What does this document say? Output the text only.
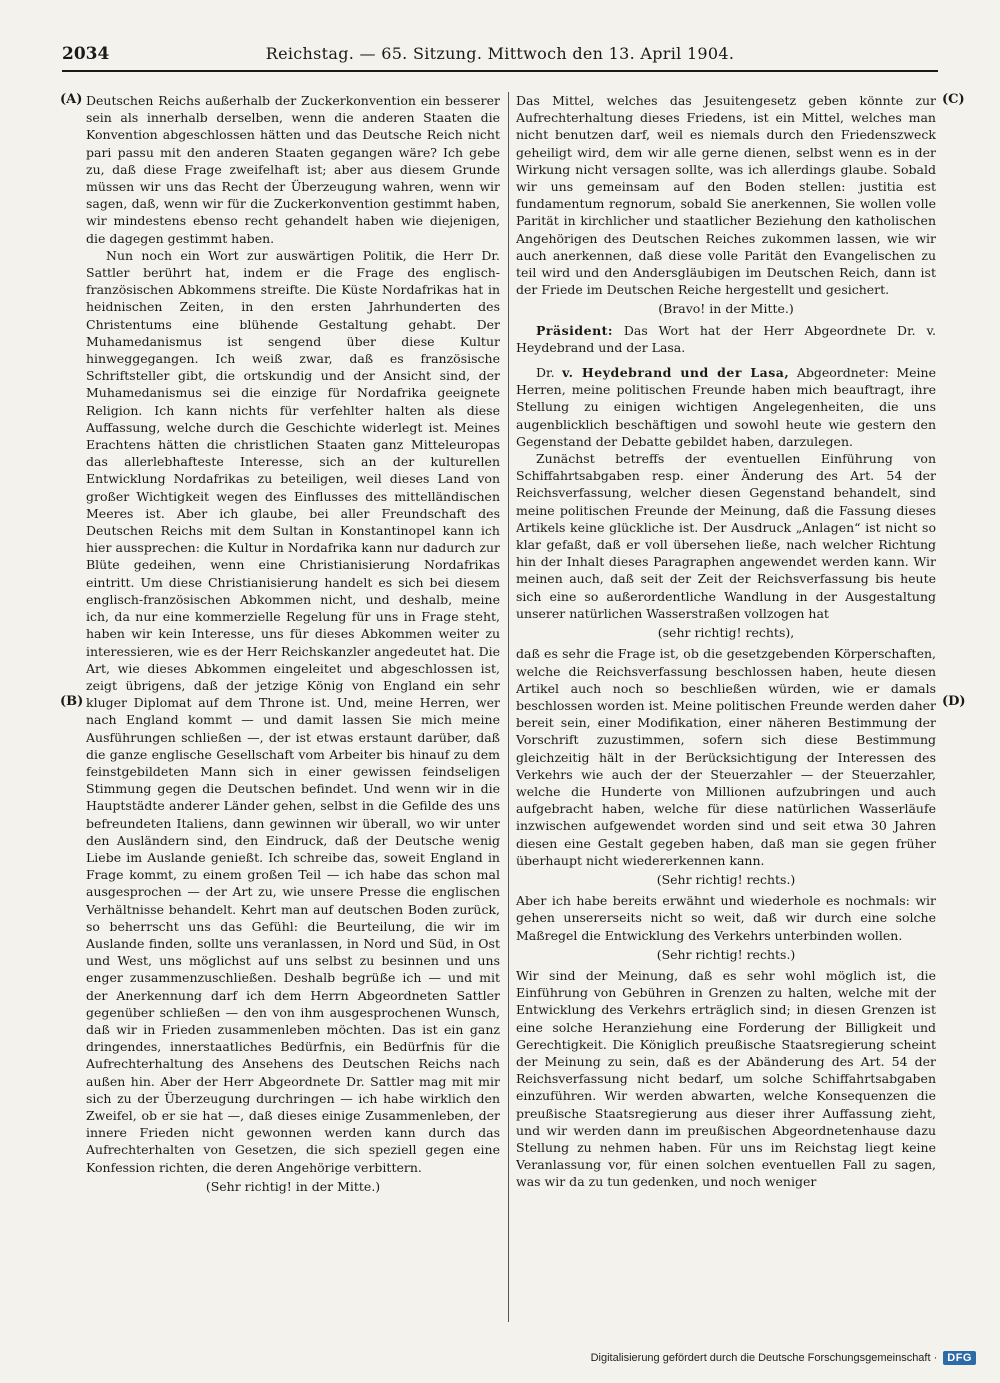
2034	Reichstag. — 65. Sitzung. Mittwoch den 13. April 1904.
(A)
(B)
(C)
(D)

Deutschen Reichs außerhalb der Zuckerkonvention ein besserer sein als innerhalb derselben, wenn die anderen Staaten die Konvention abgeschlossen hätten und das Deutsche Reich nicht pari passu mit den anderen Staaten gegangen wäre? Ich gebe zu, daß diese Frage zweifelhaft ist; aber aus diesem Grunde müssen wir uns das Recht der Überzeugung wahren, wenn wir sagen, daß, wenn wir für die Zuckerkonvention gestimmt haben, wir mindestens ebenso recht gehandelt haben wie diejenigen, die dagegen gestimmt haben.

Nun noch ein Wort zur auswärtigen Politik, die Herr Dr. Sattler berührt hat, indem er die Frage des englisch-französischen Abkommens streifte. Die Küste Nordafrikas hat in heidnischen Zeiten, in den ersten Jahrhunderten des Christentums eine blühende Gestaltung gehabt. Der Muhamedanismus ist sengend über diese Kultur hinweggegangen. Ich weiß zwar, daß es französische Schriftsteller gibt, die ortskundig und der Ansicht sind, der Muhamedanismus sei die einzige für Nordafrika geeignete Religion. Ich kann nichts für verfehlter halten als diese Auffassung, welche durch die Geschichte widerlegt ist. Meines Erachtens hätten die christlichen Staaten ganz Mitteleuropas das allerlebhafteste Interesse, sich an der kulturellen Entwicklung Nordafrikas zu beteiligen, weil dieses Land von großer Wichtigkeit wegen des Einflusses des mittelländischen Meeres ist. Aber ich glaube, bei aller Freundschaft des Deutschen Reichs mit dem Sultan in Konstantinopel kann ich hier aussprechen: die Kultur in Nordafrika kann nur dadurch zur Blüte gedeihen, wenn eine Christianisierung Nordafrikas eintritt. Um diese Christianisierung handelt es sich bei diesem englisch-französischen Abkommen nicht, und deshalb, meine ich, da nur eine kommerzielle Regelung für uns in Frage steht, haben wir kein Interesse, uns für dieses Abkommen weiter zu interessieren, wie es der Herr Reichskanzler angedeutet hat. Die Art, wie dieses Abkommen eingeleitet und abgeschlossen ist, zeigt übrigens, daß der jetzige König von England ein sehr kluger Diplomat auf dem Throne ist. Und, meine Herren, wer nach England kommt — und damit lassen Sie mich meine Ausführungen schließen —, der ist etwas erstaunt darüber, daß die ganze englische Gesellschaft vom Arbeiter bis hinauf zu dem feinstgebildeten Mann sich in einer gewissen feindseligen Stimmung gegen die Deutschen befindet. Und wenn wir in die Hauptstädte anderer Länder gehen, selbst in die Gefilde des uns befreundeten Italiens, dann gewinnen wir überall, wo wir unter den Ausländern sind, den Eindruck, daß der Deutsche wenig Liebe im Auslande genießt. Ich schreibe das, soweit England in Frage kommt, zu einem großen Teil — ich habe das schon mal ausgesprochen — der Art zu, wie unsere Presse die englischen Verhältnisse behandelt. Kehrt man auf deutschen Boden zurück, so beherrscht uns das Gefühl: die Beurteilung, die wir im Auslande finden, sollte uns veranlassen, in Nord und Süd, in Ost und West, uns möglichst auf uns selbst zu besinnen und uns enger zusammenzuschließen. Deshalb begrüße ich — und mit der Anerkennung darf ich dem Herrn Abgeordneten Sattler gegenüber schließen — den von ihm ausgesprochenen Wunsch, daß wir in Frieden zusammenleben möchten. Das ist ein ganz dringendes, innerstaatliches Bedürfnis, ein Bedürfnis für die Aufrechterhaltung des Ansehens des Deutschen Reichs nach außen hin. Aber der Herr Abgeordnete Dr. Sattler mag mit mir sich zu der Überzeugung durchringen — ich habe wirklich den Zweifel, ob er sie hat —, daß dieses einige Zusammenleben, der innere Frieden nicht gewonnen werden kann durch das Aufrechterhalten von Gesetzen, die sich speziell gegen eine Konfession richten, die deren Angehörige verbittern.

(Sehr richtig! in der Mitte.)

Das Mittel, welches das Jesuitengesetz geben könnte zur Aufrechterhaltung dieses Friedens, ist ein Mittel, welches man nicht benutzen darf, weil es niemals durch den Friedenszweck geheiligt wird, dem wir alle gerne dienen, selbst wenn es in der Wirkung nicht versagen sollte, was ich allerdings glaube. Sobald wir uns gemeinsam auf den Boden stellen: justitia est fundamentum regnorum, sobald Sie anerkennen, Sie wollen volle Parität in kirchlicher und staatlicher Beziehung den katholischen Angehörigen des Deutschen Reiches zukommen lassen, wie wir auch anerkennen, daß diese volle Parität den Evangelischen zu teil wird und den Andersgläubigen im Deutschen Reich, dann ist der Friede im Deutschen Reiche hergestellt und gesichert.

(Bravo! in der Mitte.)

Präsident: Das Wort hat der Herr Abgeordnete Dr. v. Heydebrand und der Lasa.

Dr. v. Heydebrand und der Lasa, Abgeordneter: Meine Herren, meine politischen Freunde haben mich beauftragt, ihre Stellung zu einigen wichtigen Angelegenheiten, die uns augenblicklich beschäftigen und sowohl heute wie gestern den Gegenstand der Debatte gebildet haben, darzulegen.

Zunächst betreffs der eventuellen Einführung von Schiffahrtsabgaben resp. einer Änderung des Art. 54 der Reichsverfassung, welcher diesen Gegenstand behandelt, sind meine politischen Freunde der Meinung, daß die Fassung dieses Artikels keine glückliche ist. Der Ausdruck „Anlagen“ ist nicht so klar gefaßt, daß er voll übersehen ließe, nach welcher Richtung hin der Inhalt dieses Paragraphen angewendet werden kann. Wir meinen auch, daß seit der Zeit der Reichsverfassung bis heute sich eine so außerordentliche Wandlung in der Ausgestaltung unserer natürlichen Wasserstraßen vollzogen hat

(sehr richtig! rechts),

daß es sehr die Frage ist, ob die gesetzgebenden Körperschaften, welche die Reichsverfassung beschlossen haben, heute diesen Artikel auch noch so beschließen würden, wie er damals beschlossen worden ist. Meine politischen Freunde werden daher bereit sein, einer Modifikation, einer näheren Bestimmung der Vorschrift zuzustimmen, sofern sich diese Bestimmung gleichzeitig hält in der Berücksichtigung der Interessen des Verkehrs wie auch der der Steuerzahler — der Steuerzahler, welche die Hunderte von Millionen aufzubringen und auch aufgebracht haben, welche für diese natürlichen Wasserläufe inzwischen aufgewendet worden sind und seit etwa 30 Jahren diesen eine Gestalt gegeben haben, daß man sie gegen früher überhaupt nicht wiedererkennen kann.

(Sehr richtig! rechts.)

Aber ich habe bereits erwähnt und wiederhole es nochmals: wir gehen unsererseits nicht so weit, daß wir durch eine solche Maßregel die Entwicklung des Verkehrs unterbinden wollen.

(Sehr richtig! rechts.)

Wir sind der Meinung, daß es sehr wohl möglich ist, die Einführung von Gebühren in Grenzen zu halten, welche mit der Entwicklung des Verkehrs erträglich sind; in diesen Grenzen ist eine solche Heranziehung eine Forderung der Billigkeit und Gerechtigkeit. Die Königlich preußische Staatsregierung scheint der Meinung zu sein, daß es der Abänderung des Art. 54 der Reichsverfassung nicht bedarf, um solche Schiffahrtsabgaben einzuführen. Wir werden abwarten, welche Konsequenzen die preußische Staatsregierung aus dieser ihrer Auffassung zieht, und wir werden dann im preußischen Abgeordnetenhause dazu Stellung zu nehmen haben. Für uns im Reichstag liegt keine Veranlassung vor, für einen solchen eventuellen Fall zu sagen, was wir da zu tun gedenken, und noch weniger

Digitalisierung gefördert durch die Deutsche Forschungsgemeinschaft · DFG
